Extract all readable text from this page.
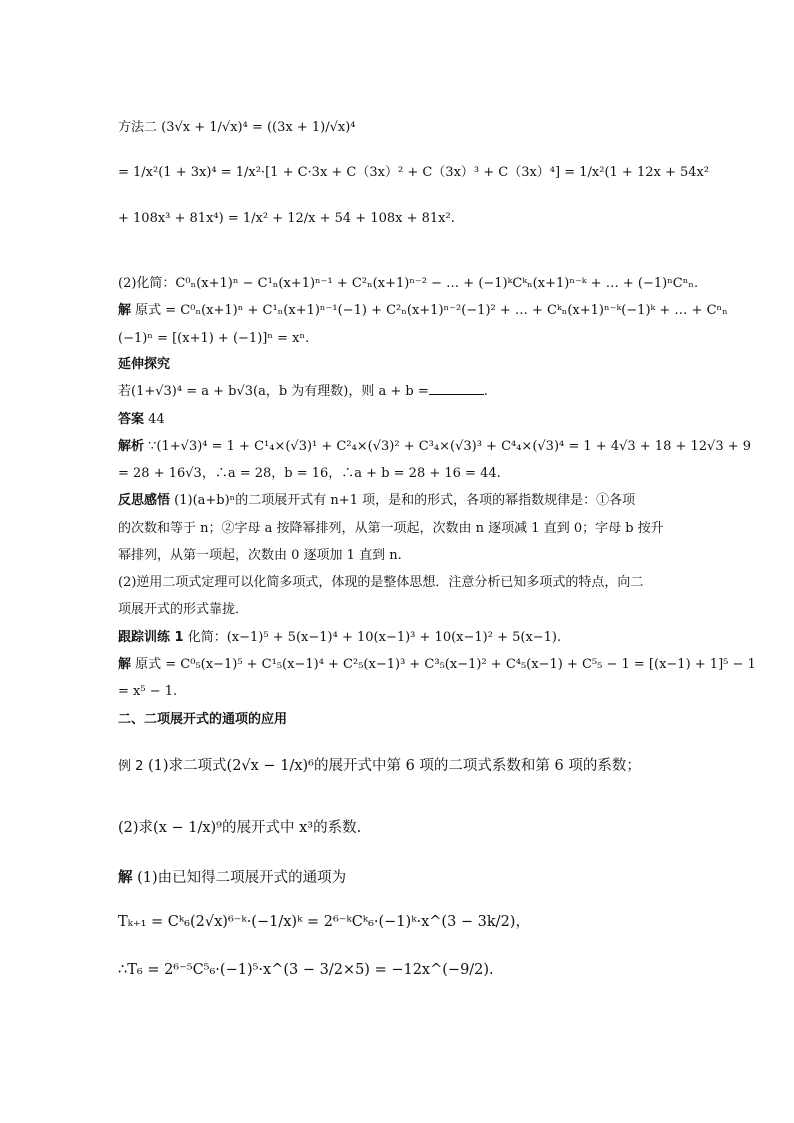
方法二 (3√x + 1/√x)⁴ = ((3x + 1)/√x)⁴
= 1/x²(1 + 3x)⁴ = 1/x²·[1 + C·3x + C（3x）² + C（3x）³ + C（3x）⁴] = 1/x²(1 + 12x + 54x²
+ 108x³ + 81x⁴) = 1/x² + 12/x + 54 + 108x + 81x².
(2)化简：C⁰ₙ(x+1)ⁿ − C¹ₙ(x+1)ⁿ⁻¹ + C²ₙ(x+1)ⁿ⁻² − … + (−1)ᵏCᵏₙ(x+1)ⁿ⁻ᵏ + … + (−1)ⁿCⁿₙ.
解 原式 = C⁰ₙ(x+1)ⁿ + C¹ₙ(x+1)ⁿ⁻¹(−1) + C²ₙ(x+1)ⁿ⁻²(−1)² + … + Cᵏₙ(x+1)ⁿ⁻ᵏ(−1)ᵏ + … + Cⁿₙ
(−1)ⁿ = [(x+1) + (−1)]ⁿ = xⁿ.
延伸探究
若(1+√3)⁴ = a + b√3(a，b 为有理数)，则 a + b =	.
答案 44
解析 ∵(1+√3)⁴ = 1 + C¹₄×(√3)¹ + C²₄×(√3)² + C³₄×(√3)³ + C⁴₄×(√3)⁴ = 1 + 4√3 + 18 + 12√3 + 9
= 28 + 16√3，∴a = 28，b = 16，∴a + b = 28 + 16 = 44.
反思感悟 (1)(a+b)ⁿ的二项展开式有 n+1 项，是和的形式，各项的幂指数规律是：①各项
的次数和等于 n；②字母 a 按降幂排列，从第一项起，次数由 n 逐项减 1 直到 0；字母 b 按升
幂排列，从第一项起，次数由 0 逐项加 1 直到 n.
(2)逆用二项式定理可以化简多项式，体现的是整体思想．注意分析已知多项式的特点，向二
项展开式的形式靠拢．
跟踪训练 1 化简：(x−1)⁵ + 5(x−1)⁴ + 10(x−1)³ + 10(x−1)² + 5(x−1).
解 原式 = C⁰₅(x−1)⁵ + C¹₅(x−1)⁴ + C²₅(x−1)³ + C³₅(x−1)² + C⁴₅(x−1) + C⁵₅ − 1 = [(x−1) + 1]⁵ − 1
= x⁵ − 1.
二、二项展开式的通项的应用
例 2 (1)求二项式(2√x − 1/x)⁶的展开式中第 6 项的二项式系数和第 6 项的系数；
(2)求(x − 1/x)⁹的展开式中 x³的系数.
解 (1)由已知得二项展开式的通项为
Tₖ₊₁ = Cᵏ₆(2√x)⁶⁻ᵏ·(−1/x)ᵏ = 2⁶⁻ᵏCᵏ₆·(−1)ᵏ·x^(3 − 3k/2)，
∴T₆ = 2⁶⁻⁵C⁵₆·(−1)⁵·x^(3 − 3/2×5) = −12x^(−9/2).
